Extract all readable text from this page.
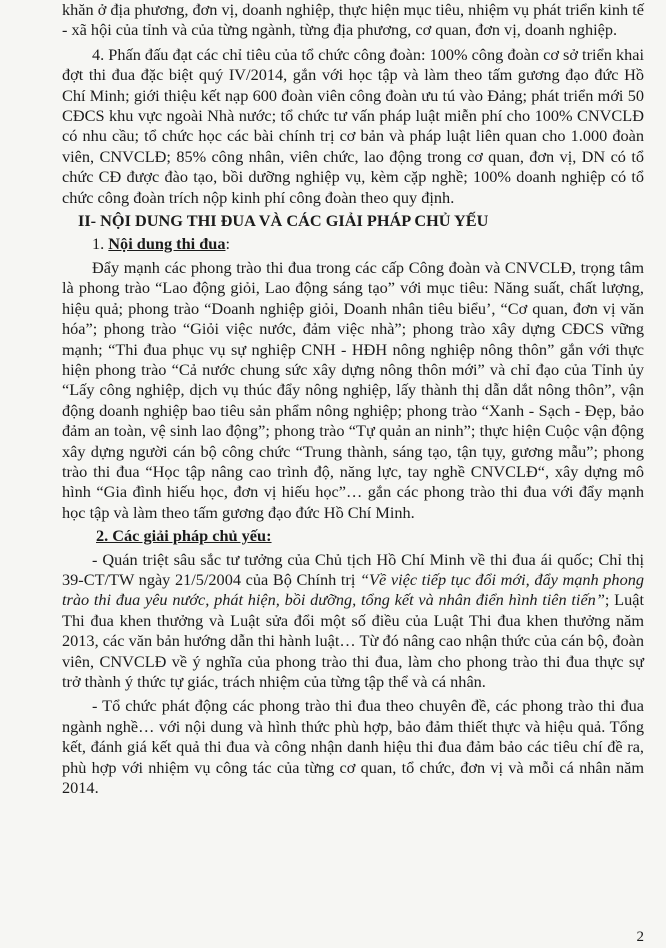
khăn ở địa phương, đơn vị, doanh nghiệp, thực hiện mục tiêu, nhiệm vụ phát triển kinh tế - xã hội của tỉnh và của từng ngành, từng địa phương, cơ quan, đơn vị, doanh nghiệp.

4. Phấn đấu đạt các chỉ tiêu của tổ chức công đoàn: 100% công đoàn cơ sở triển khai đợt thi đua đặc biệt quý IV/2014, gắn với học tập và làm theo tấm gương đạo đức Hồ Chí Minh; giới thiệu kết nạp 600 đoàn viên công đoàn ưu tú vào Đảng; phát triển mới 50 CĐCS khu vực ngoài Nhà nước; tổ chức tư vấn pháp luật miễn phí cho 100% CNVCLĐ có nhu cầu; tổ chức học các bài chính trị cơ bản và pháp luật liên quan cho 1.000 đoàn viên, CNVCLĐ; 85% công nhân, viên chức, lao động trong cơ quan, đơn vị, DN có tổ chức CĐ được đào tạo, bồi dưỡng nghiệp vụ, kèm cặp nghề; 100% doanh nghiệp có tổ chức công đoàn trích nộp kinh phí công đoàn theo quy định.

II- NỘI DUNG THI ĐUA VÀ CÁC GIẢI PHÁP CHỦ YẾU
1. Nội dung thi đua:

Đẩy mạnh các phong trào thi đua trong các cấp Công đoàn và CNVCLĐ, trọng tâm là phong trào “Lao động giỏi, Lao động sáng tạo” với mục tiêu: Năng suất, chất lượng, hiệu quả; phong trào “Doanh nghiệp giỏi, Doanh nhân tiêu biểu’, “Cơ quan, đơn vị văn hóa”; phong trào “Giỏi việc nước, đảm việc nhà”; phong trào xây dựng CĐCS vững mạnh; “Thi đua phục vụ sự nghiệp CNH - HĐH nông nghiệp nông thôn” gắn với thực hiện phong trào “Cả nước chung sức xây dựng nông thôn mới” và chỉ đạo của Tỉnh ủy “Lấy công nghiệp, dịch vụ thúc đẩy nông nghiệp, lấy thành thị dẫn dắt nông thôn”, vận động doanh nghiệp bao tiêu sản phẩm nông nghiệp; phong trào “Xanh - Sạch - Đẹp, bảo đảm an toàn, vệ sinh lao động”; phong trào “Tự quản an ninh”; thực hiện Cuộc vận động xây dựng người cán bộ công chức “Trung thành, sáng tạo, tận tụy, gương mẫu”; phong trào thi đua “Học tập nâng cao trình độ, năng lực, tay nghề CNVCLĐ“, xây dựng mô hình “Gia đình hiếu học, đơn vị hiếu học”… gắn các phong trào thi đua với đẩy mạnh học tập và làm theo tấm gương đạo đức Hồ Chí Minh.

2. Các giải pháp chủ yếu:

- Quán triệt sâu sắc tư tưởng của Chủ tịch Hồ Chí Minh về thi đua ái quốc; Chỉ thị 39-CT/TW ngày 21/5/2004 của Bộ Chính trị “Về việc tiếp tục đổi mới, đẩy mạnh phong trào thi đua yêu nước, phát hiện, bồi dưỡng, tổng kết và nhân điển hình tiên tiến”; Luật Thi đua khen thưởng và Luật sửa đổi một số điều của Luật Thi đua khen thưởng năm 2013, các văn bản hướng dẫn thi hành luật… Từ đó nâng cao nhận thức của cán bộ, đoàn viên, CNVCLĐ về ý nghĩa của phong trào thi đua, làm cho phong trào thi đua thực sự trở thành ý thức tự giác, trách nhiệm của từng tập thể và cá nhân.

- Tổ chức phát động các phong trào thi đua theo chuyên đề, các phong trào thi đua ngành nghề… với nội dung và hình thức phù hợp, bảo đảm thiết thực và hiệu quả. Tổng kết, đánh giá kết quả thi đua và công nhận danh hiệu thi đua đảm bảo các tiêu chí đề ra, phù hợp với nhiệm vụ công tác của từng cơ quan, tổ chức, đơn vị và mỗi cá nhân năm 2014.

2
